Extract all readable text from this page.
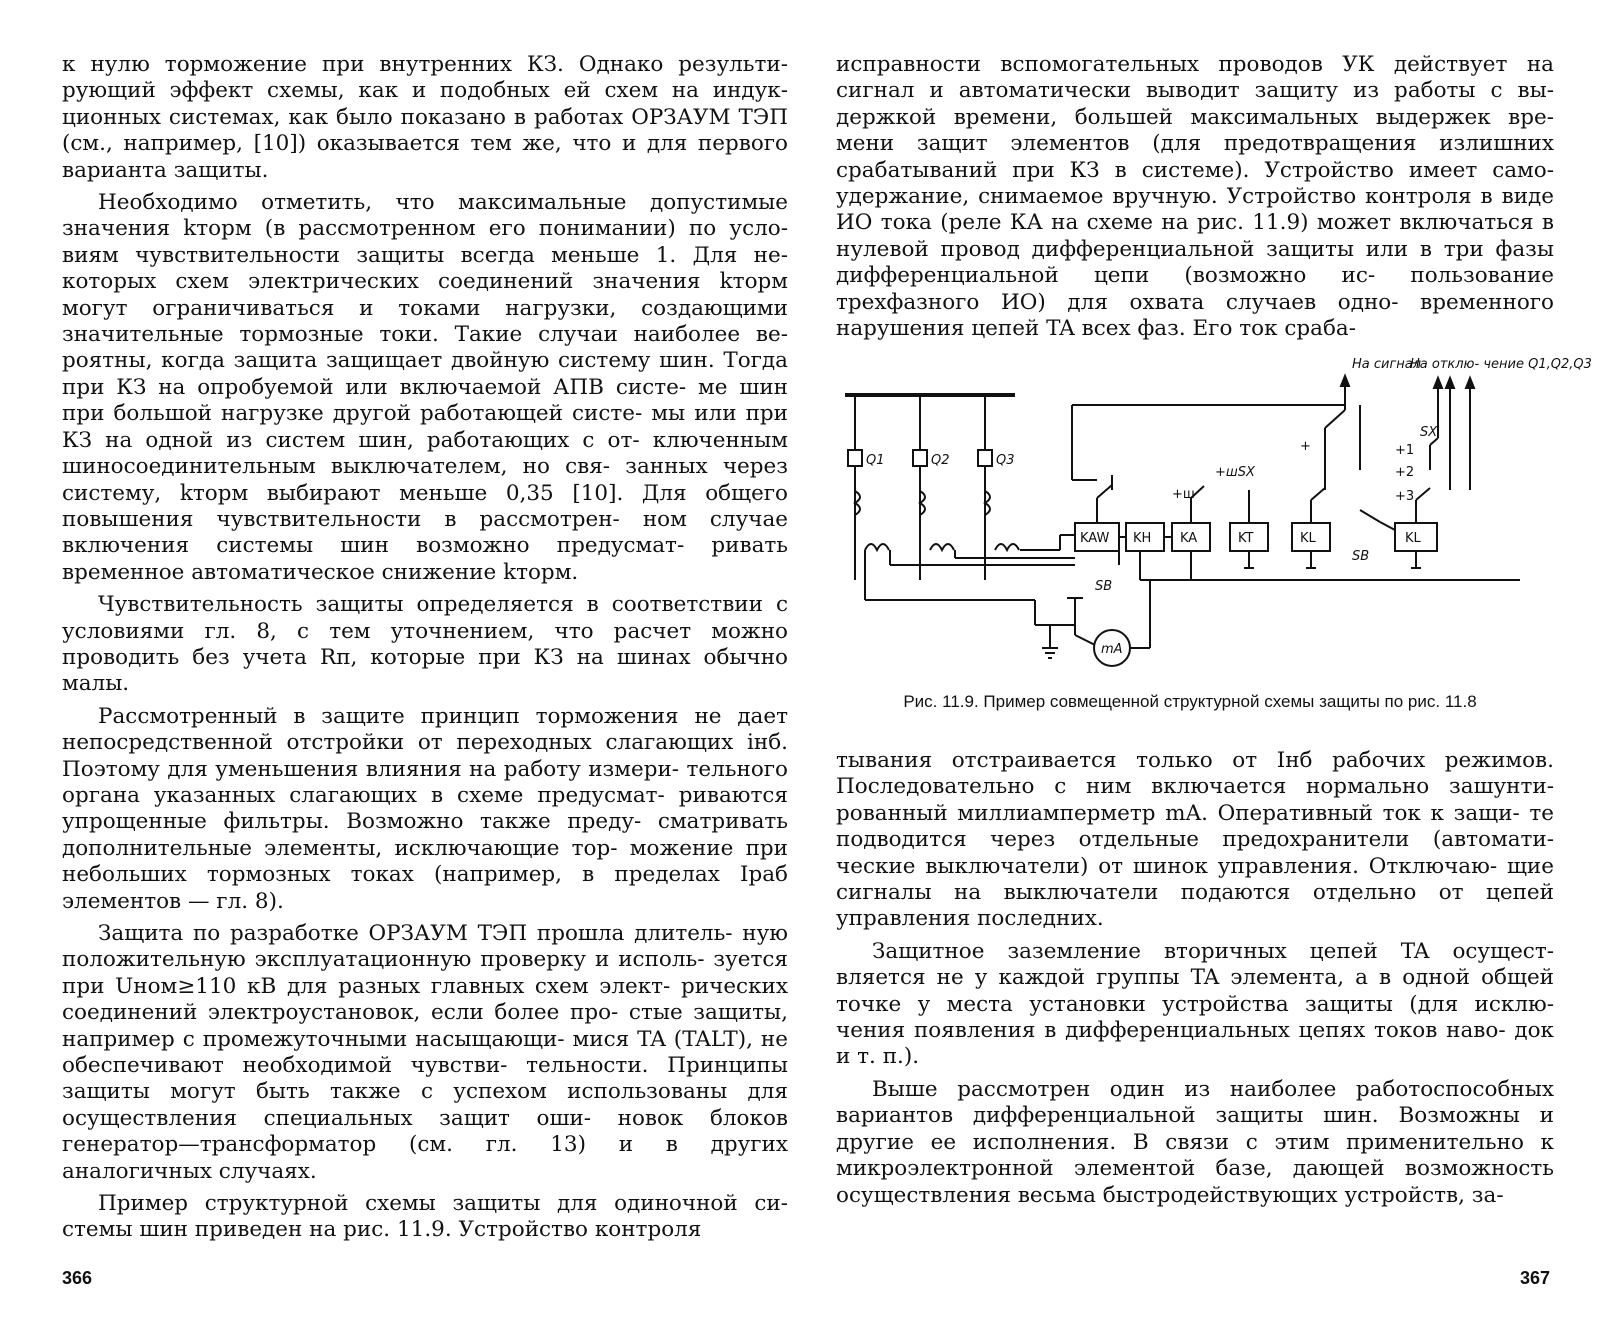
к нулю торможение при внутренних КЗ. Однако результи- рующий эффект схемы, как и подобных ей схем на индук- ционных системах, как было показано в работах ОРЗАУМ ТЭП (см., например, [10]) оказывается тем же, что и для первого варианта защиты.

Необходимо отметить, что максимальные допустимые значения kторм (в рассмотренном его понимании) по усло- виям чувствительности защиты всегда меньше 1. Для не- которых схем электрических соединений значения kторм могут ограничиваться и токами нагрузки, создающими значительные тормозные токи. Такие случаи наиболее ве- роятны, когда защита защищает двойную систему шин. Тогда при КЗ на опробуемой или включаемой АПВ систе- ме шин при большой нагрузке другой работающей систе- мы или при КЗ на одной из систем шин, работающих с от- ключенным шиносоединительным выключателем, но свя- занных через систему, kторм выбирают меньше 0,35 [10]. Для общего повышения чувствительности в рассмотрен- ном случае включения системы шин возможно предусмат- ривать временное автоматическое снижение kторм.

Чувствительность защиты определяется в соответствии с условиями гл. 8, с тем уточнением, что расчет можно проводить без учета Rп, которые при КЗ на шинах обычно малы.

Рассмотренный в защите принцип торможения не дает непосредственной отстройки от переходных слагающих iнб. Поэтому для уменьшения влияния на работу измери- тельного органа указанных слагающих в схеме предусмат- риваются упрощенные фильтры. Возможно также преду- сматривать дополнительные элементы, исключающие тор- можение при небольших тормозных токах (например, в пределах Iраб элементов — гл. 8).

Защита по разработке ОРЗАУМ ТЭП прошла длитель- ную положительную эксплуатационную проверку и исполь- зуется при Uном≥110 кВ для разных главных схем элект- рических соединений электроустановок, если более про- стые защиты, например с промежуточными насыщающи- мися TA (TALT), не обеспечивают необходимой чувстви- тельности. Принципы защиты могут быть также с успехом использованы для осуществления специальных защит оши- новок блоков генератор—трансформатор (см. гл. 13) и в других аналогичных случаях.

Пример структурной схемы защиты для одиночной си- стемы шин приведен на рис. 11.9. Устройство контроля

366

исправности вспомогательных проводов УК действует на сигнал и автоматически выводит защиту из работы с вы- держкой времени, большей максимальных выдержек вре- мени защит элементов (для предотвращения излишних срабатываний при КЗ в системе). Устройство имеет само- удержание, снимаемое вручную. Устройство контроля в виде ИО тока (реле КА на схеме на рис. 11.9) может включаться в нулевой провод дифференциальной защиты или в три фазы дифференциальной цепи (возможно ис- пользование трехфазного ИО) для охвата случаев одно- временного нарушения цепей TA всех фаз. Его ток сраба-

На сигнал
На отклю- чение Q1,Q2,Q3
Q1	Q2	Q3
KAW KH KA	KT	KL	KL
SX
+шSX
SB
SB
mA
+
+ш
+1
+2
+3
Рис. 11.9. Пример совмещенной структурной схемы защиты по рис. 11.8

тывания отстраивается только от Iнб рабочих режимов. Последовательно с ним включается нормально зашунти- рованный миллиамперметр mA. Оперативный ток к защи- те подводится через отдельные предохранители (автомати- ческие выключатели) от шинок управления. Отключаю- щие сигналы на выключатели подаются отдельно от цепей управления последних.

Защитное заземление вторичных цепей TA осущест- вляется не у каждой группы TA элемента, а в одной общей точке у места установки устройства защиты (для исклю- чения появления в дифференциальных цепях токов наво- док и т. п.).

Выше рассмотрен один из наиболее работоспособных вариантов дифференциальной защиты шин. Возможны и другие ее исполнения. В связи с этим применительно к микроэлектронной элементой базе, дающей возможность осуществления весьма быстродействующих устройств, за-

367
